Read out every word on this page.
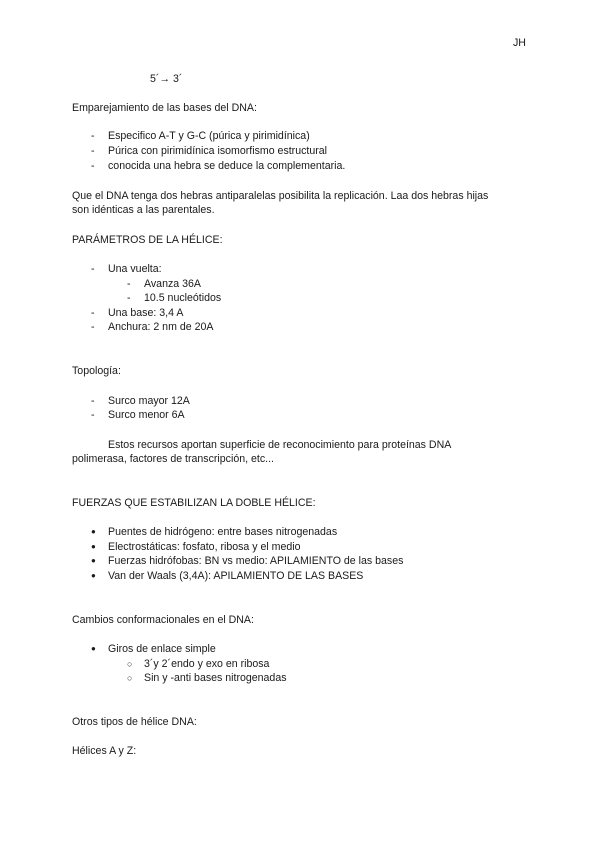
JH
5´→ 3´
Emparejamiento de las bases del DNA:
- Especifico A-T y G-C (púrica y pirimidínica)
- Púrica con pirimidínica isomorfismo estructural
- conocida una hebra se deduce la complementaria.
Que el DNA tenga dos hebras antiparalelas posibilita la replicación. Laa dos hebras hijas
son idénticas a las parentales.
PARÁMETROS DE LA HÉLICE:
- Una vuelta:
- Avanza 36A
- 10.5 nucleótidos
- Una base: 3,4 A
- Anchura: 2 nm de 20A
Topología:
- Surco mayor 12A
- Surco menor 6A
Estos recursos aportan superficie de reconocimiento para proteínas DNA
polimerasa, factores de transcripción, etc...
FUERZAS QUE ESTABILIZAN LA DOBLE HÉLICE:
● Puentes de hidrógeno: entre bases nitrogenadas
● Electrostáticas: fosfato, ribosa y el medio
● Fuerzas hidrófobas: BN vs medio: APILAMIENTO de las bases
● Van der Waals (3,4A): APILAMIENTO DE LAS BASES
Cambios conformacionales en el DNA:
● Giros de enlace simple
○ 3´y 2´endo y exo en ribosa
○ Sin y -anti bases nitrogenadas
Otros tipos de hélice DNA:
Hélices A y Z:
